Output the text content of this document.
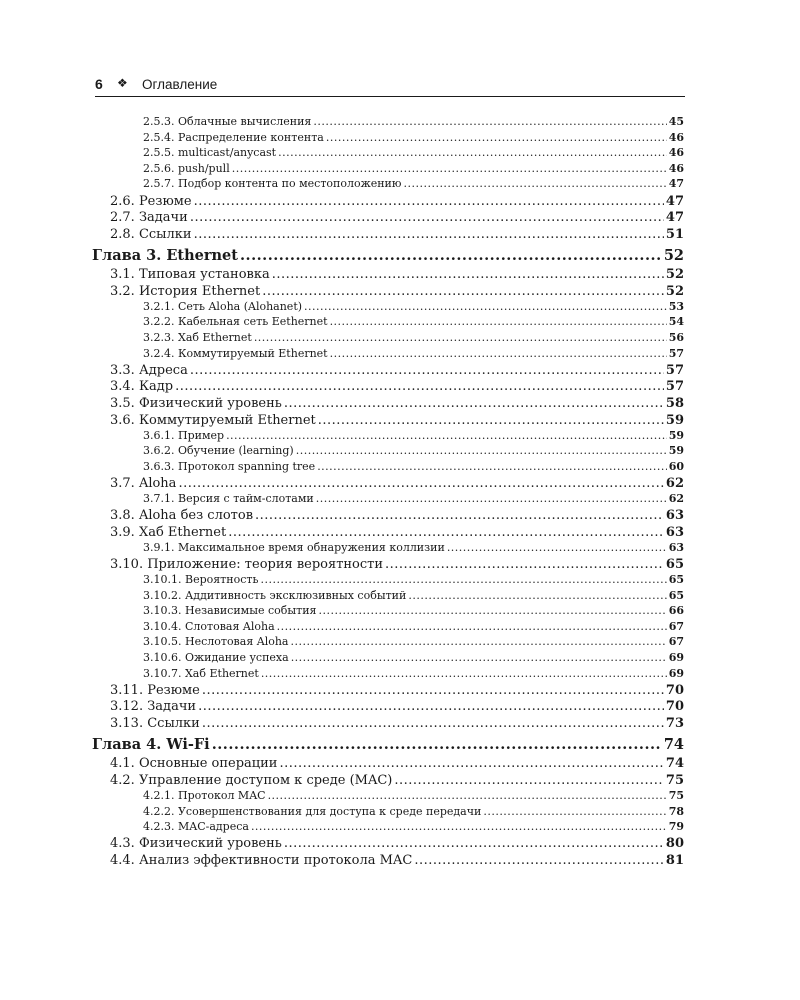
6 ❖ Оглавление
2.5.3. Облачные вычисления .....	45
2.5.4. Распределение контента .....	46
2.5.5. multicast/anycast .....	46
2.5.6. push/pull .....	46
2.5.7. Подбор контента по местоположению .....	47
2.6. Резюме .....	47
2.7. Задачи .....	47
2.8. Ссылки .....	51
Глава 3. Ethernet .....	52
3.1. Типовая установка .....	52
3.2. История Ethernet .....	52
3.2.1. Сеть Aloha (Alohanet) .....	53
3.2.2. Кабельная сеть Eethernet .....	54
3.2.3. Хаб Ethernet .....	56
3.2.4. Коммутируемый Ethernet .....	57
3.3. Адреса .....	57
3.4. Кадр .....	57
3.5. Физический уровень .....	58
3.6. Коммутируемый Ethernet .....	59
3.6.1. Пример .....	59
3.6.2. Обучение (learning) .....	59
3.6.3. Протокол spanning tree .....	60
3.7. Aloha .....	62
3.7.1. Версия с тайм-слотами .....	62
3.8. Aloha без слотов .....	63
3.9. Хаб Ethernet .....	63
3.9.1. Максимальное время обнаружения коллизии .....	63
3.10. Приложение: теория вероятности .....	65
3.10.1. Вероятность .....	65
3.10.2. Аддитивность эксклюзивных событий .....	65
3.10.3. Независимые события .....	66
3.10.4. Слотовая Aloha .....	67
3.10.5. Неслотовая Aloha .....	67
3.10.6. Ожидание успеха .....	69
3.10.7. Хаб Ethernet .....	69
3.11. Резюме .....	70
3.12. Задачи .....	70
3.13. Ссылки .....	73
Глава 4. Wi-Fi .....	74
4.1. Основные операции .....	74
4.2. Управление доступом к среде (MAC) .....	75
4.2.1. Протокол MAC .....	75
4.2.2. Усовершенствования для доступа к среде передачи .....	78
4.2.3. MAC-адреса .....	79
4.3. Физический уровень .....	80
4.4. Анализ эффективности протокола MAC .....	81
